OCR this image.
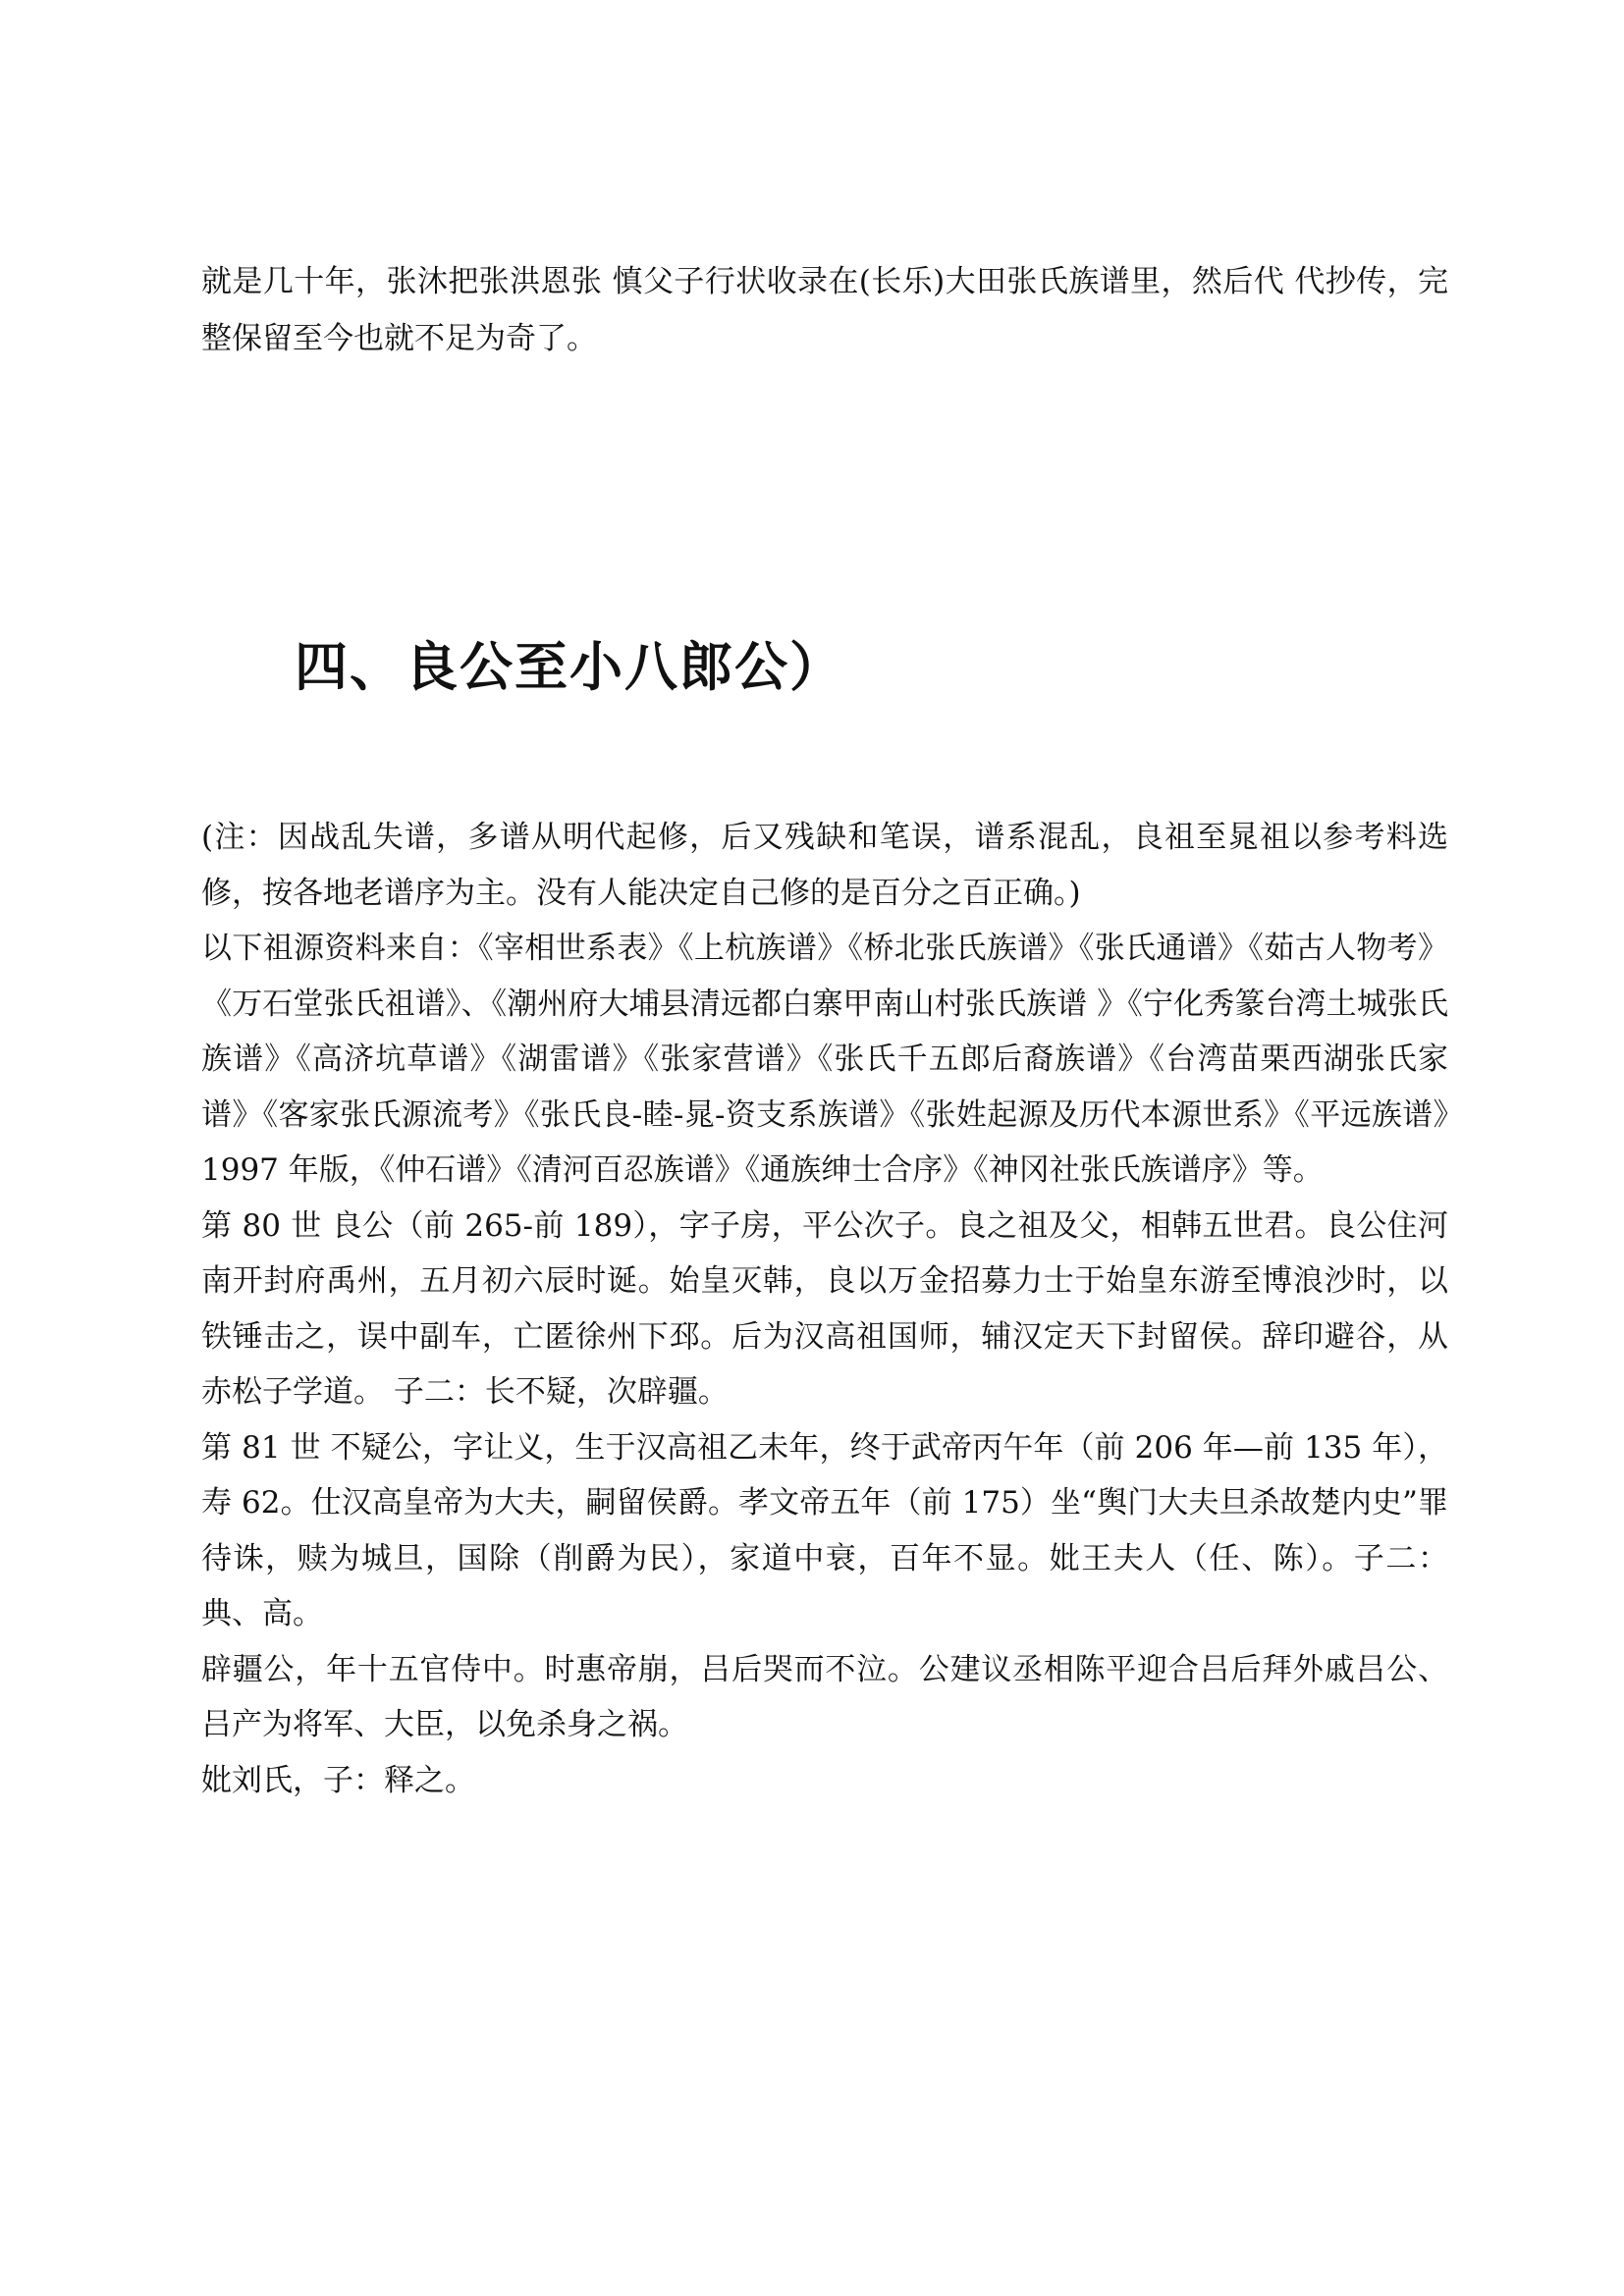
就是几十年，张沐把张洪恩张 慎父子行状收录在(长乐)大田张氏族谱里，然后代 代抄传，完整保留至今也就不足为奇了。

四、良公至小八郎公）

(注：因战乱失谱，多谱从明代起修，后又残缺和笔误，谱系混乱，良祖至晁祖以参考料选修，按各地老谱序为主。没有人能决定自己修的是百分之百正确。)

以下祖源资料来自：《宰相世系表》《上杭族谱》《桥北张氏族谱》《张氏通谱》《茹古人物考》《万石堂张氏祖谱》、《潮州府大埔县清远都白寨甲南山村张氏族谱 》《宁化秀篆台湾土城张氏族谱》《高济坑草谱》《湖雷谱》《张家营谱》《张氏千五郎后裔族谱》《台湾苗栗西湖张氏家谱》《客家张氏源流考》《张氏良-睦-晁-资支系族谱》《张姓起源及历代本源世系》《平远族谱》1997 年版，《仲石谱》《清河百忍族谱》《通族绅士合序》《神冈社张氏族谱序》等。

第 80 世 良公（前 265-前 189），字子房，平公次子。良之祖及父，相韩五世君。良公住河南开封府禹州，五月初六辰时诞。始皇灭韩，良以万金招募力士于始皇东游至博浪沙时，以铁锤击之，误中副车，亡匿徐州下邳。后为汉高祖国师，辅汉定天下封留侯。辞印避谷，从赤松子学道。 子二：长不疑，次辟疆。

第 81 世 不疑公，字让义，生于汉高祖乙未年，终于武帝丙午年（前 206 年—前 135 年），寿 62。仕汉高皇帝为大夫，嗣留侯爵。孝文帝五年（前 175）坐“舆门大夫旦杀故楚内史”罪待诛，赎为城旦，国除（削爵为民），家道中衰，百年不显。妣王夫人（任、陈）。子二：典、高。

辟疆公，年十五官侍中。时惠帝崩，吕后哭而不泣。公建议丞相陈平迎合吕后拜外戚吕公、吕产为将军、大臣，以免杀身之祸。

妣刘氏，子：释之。
